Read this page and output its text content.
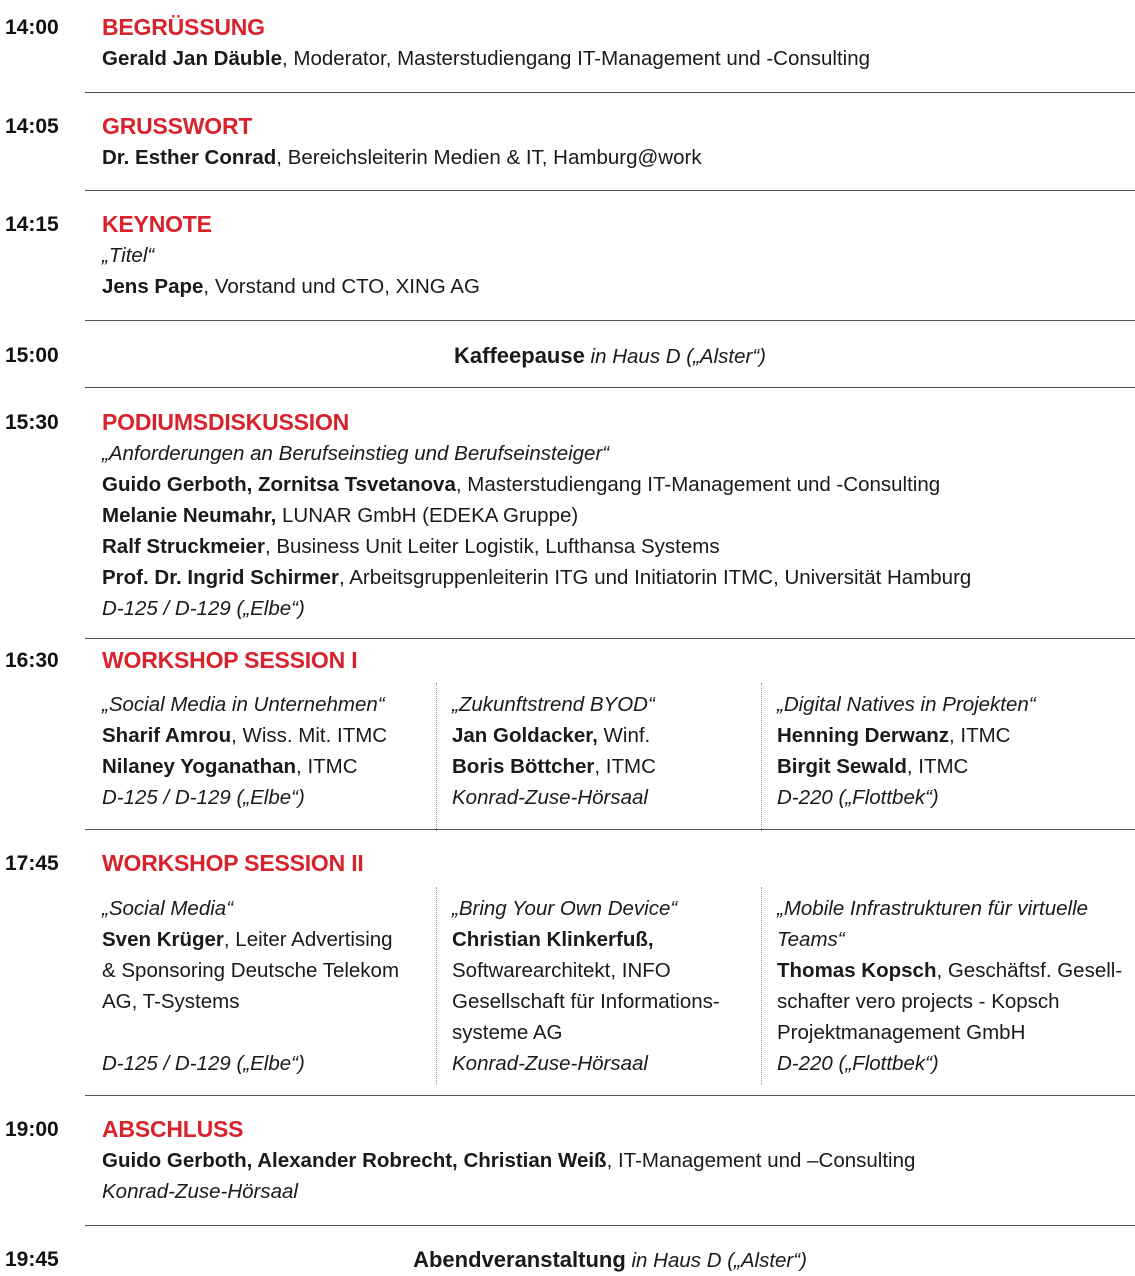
14:00 BEGRÜSSUNG
Gerald Jan Däuble, Moderator, Masterstudiengang IT-Management und -Consulting
14:05 GRUSSWORT
Dr. Esther Conrad, Bereichsleiterin Medien & IT, Hamburg@work
14:15 KEYNOTE
„Titel“
Jens Pape, Vorstand und CTO, XING AG
15:00	Kaffeepause in Haus D („Alster“)
15:30 PODIUMSDISKUSSION
„Anforderungen an Berufseinstieg und Berufseinsteiger“
Guido Gerboth, Zornitsa Tsvetanova, Masterstudiengang IT-Management und -Consulting
Melanie Neumahr, LUNAR GmbH (EDEKA Gruppe)
Ralf Struckmeier, Business Unit Leiter Logistik, Lufthansa Systems
Prof. Dr. Ingrid Schirmer, Arbeitsgruppenleiterin ITG und Initiatorin ITMC, Universität Hamburg
D-125 / D-129 („Elbe“)
16:30 WORKSHOP SESSION I
„Social Media in Unternehmen“
Sharif Amrou, Wiss. Mit. ITMC
Nilaney Yoganathan, ITMC
D-125 / D-129 („Elbe“)
„Zukunftstrend BYOD“
Jan Goldacker, Winf.
Boris Böttcher, ITMC
Konrad-Zuse-Hörsaal
„Digital Natives in Projekten“
Henning Derwanz, ITMC
Birgit Sewald, ITMC
D-220 („Flottbek“)
17:45 WORKSHOP SESSION II
„Social Media“
Sven Krüger, Leiter Advertising
& Sponsoring Deutsche Telekom
AG, T-Systems

D-125 / D-129 („Elbe“)
„Bring Your Own Device“
Christian Klinkerfuß,
Softwarearchitekt, INFO
Gesellschaft für Informations-
systeme AG
Konrad-Zuse-Hörsaal
„Mobile Infrastrukturen für virtuelle
Teams“
Thomas Kopsch, Geschäftsf. Gesell-
schafter vero projects - Kopsch
Projektmanagement GmbH
D-220 („Flottbek“)
19:00 ABSCHLUSS
Guido Gerboth, Alexander Robrecht, Christian Weiß, IT-Management und –Consulting
Konrad-Zuse-Hörsaal
19:45	Abendveranstaltung in Haus D („Alster“)
